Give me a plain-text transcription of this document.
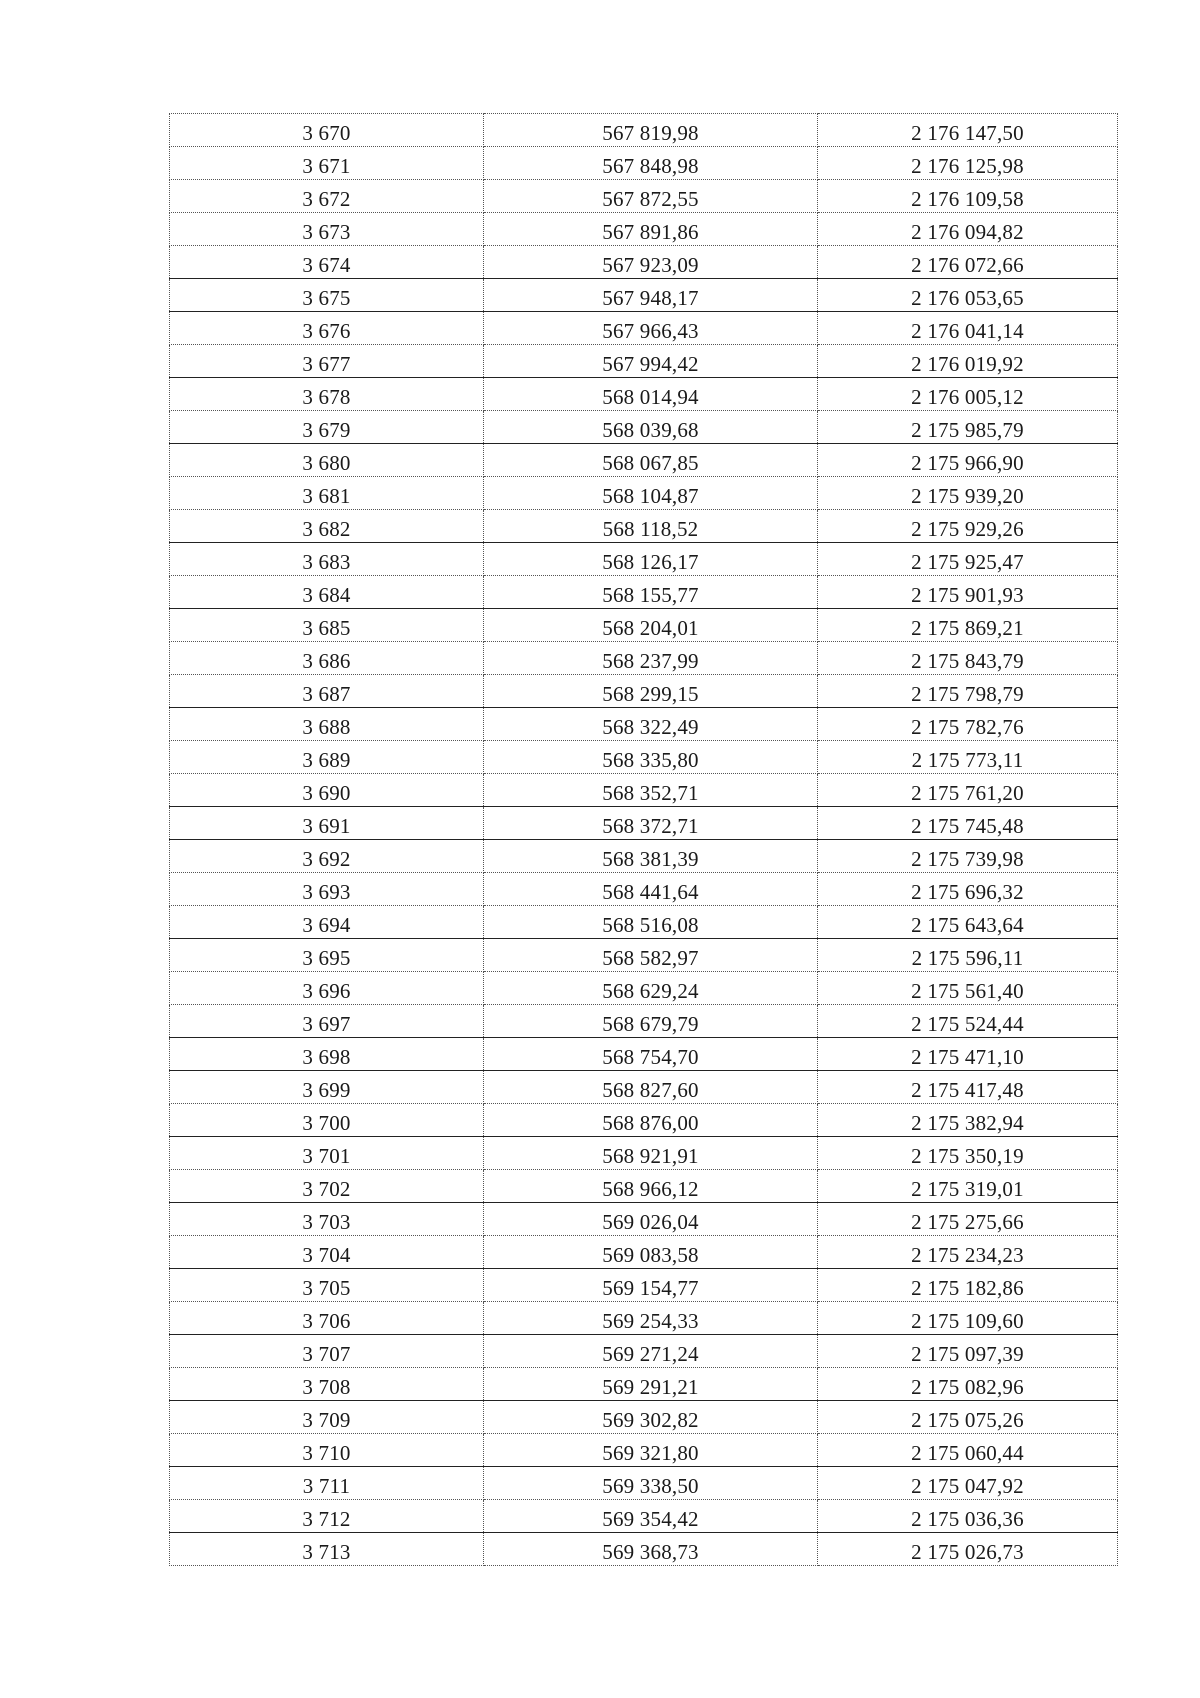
3 670	567 819,98	2 176 147,50
3 671	567 848,98	2 176 125,98
3 672	567 872,55	2 176 109,58
3 673	567 891,86	2 176 094,82
3 674	567 923,09	2 176 072,66
3 675	567 948,17	2 176 053,65
3 676	567 966,43	2 176 041,14
3 677	567 994,42	2 176 019,92
3 678	568 014,94	2 176 005,12
3 679	568 039,68	2 175 985,79
3 680	568 067,85	2 175 966,90
3 681	568 104,87	2 175 939,20
3 682	568 118,52	2 175 929,26
3 683	568 126,17	2 175 925,47
3 684	568 155,77	2 175 901,93
3 685	568 204,01	2 175 869,21
3 686	568 237,99	2 175 843,79
3 687	568 299,15	2 175 798,79
3 688	568 322,49	2 175 782,76
3 689	568 335,80	2 175 773,11
3 690	568 352,71	2 175 761,20
3 691	568 372,71	2 175 745,48
3 692	568 381,39	2 175 739,98
3 693	568 441,64	2 175 696,32
3 694	568 516,08	2 175 643,64
3 695	568 582,97	2 175 596,11
3 696	568 629,24	2 175 561,40
3 697	568 679,79	2 175 524,44
3 698	568 754,70	2 175 471,10
3 699	568 827,60	2 175 417,48
3 700	568 876,00	2 175 382,94
3 701	568 921,91	2 175 350,19
3 702	568 966,12	2 175 319,01
3 703	569 026,04	2 175 275,66
3 704	569 083,58	2 175 234,23
3 705	569 154,77	2 175 182,86
3 706	569 254,33	2 175 109,60
3 707	569 271,24	2 175 097,39
3 708	569 291,21	2 175 082,96
3 709	569 302,82	2 175 075,26
3 710	569 321,80	2 175 060,44
3 711	569 338,50	2 175 047,92
3 712	569 354,42	2 175 036,36
3 713	569 368,73	2 175 026,73
